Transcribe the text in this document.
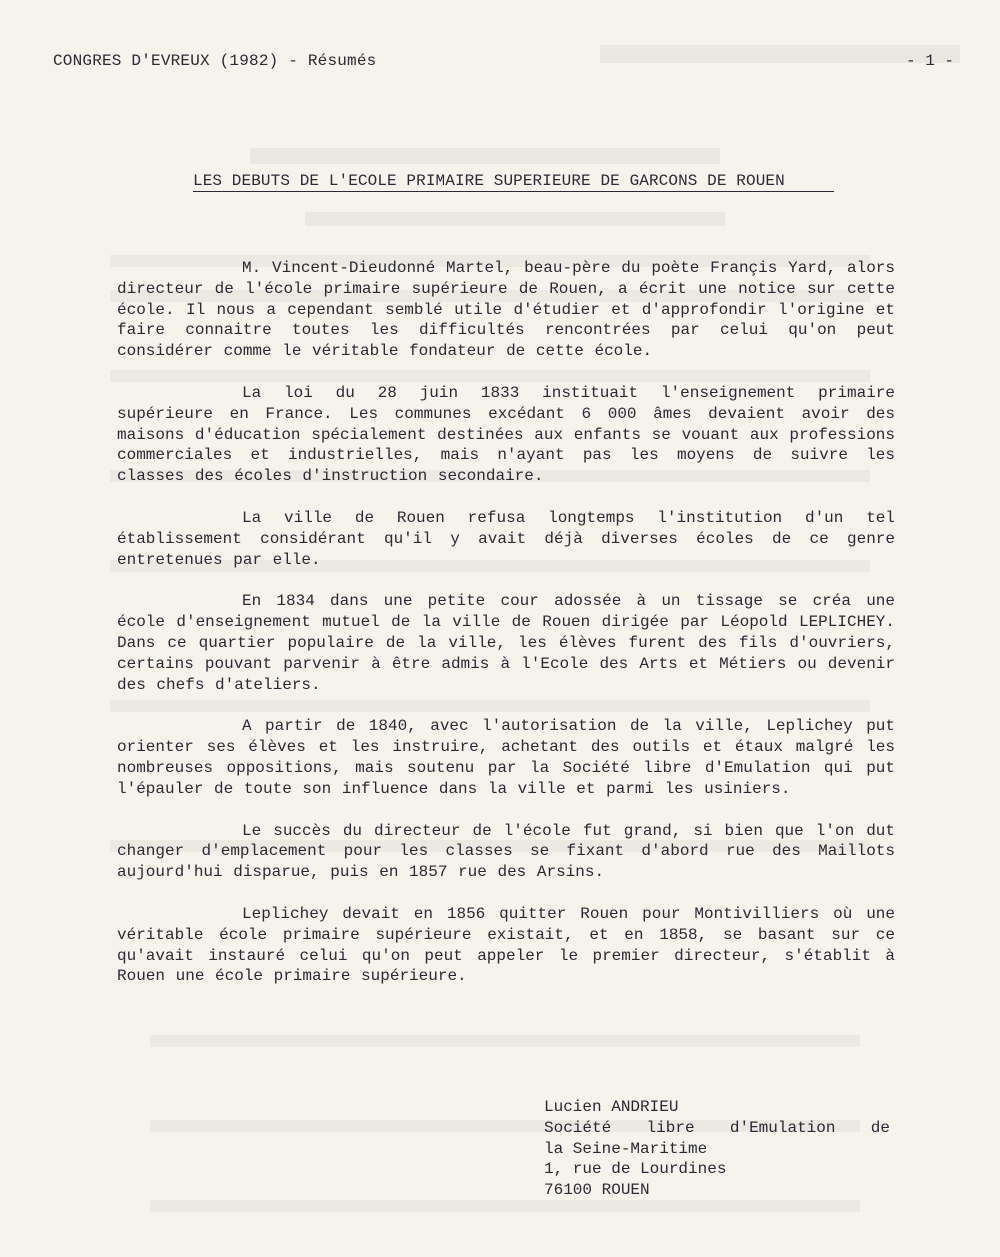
CONGRES D'EVREUX (1982) - Résumés	- 1 -
LES DEBUTS DE L'ECOLE PRIMAIRE SUPERIEURE DE GARCONS DE ROUEN

M. Vincent-Dieudonné Martel, beau-père du poète Françis Yard, alors directeur de l'école primaire supérieure de Rouen, a écrit une notice sur cette école. Il nous a cependant semblé utile d'étudier et d'approfondir l'origine et faire connaitre toutes les difficultés rencontrées par celui qu'on peut considérer comme le véritable fondateur de cette école.

La loi du 28 juin 1833 instituait l'enseignement primaire supérieure en France. Les communes excédant 6 000 âmes devaient avoir des maisons d'éducation spécialement destinées aux enfants se vouant aux professions commerciales et industrielles, mais n'ayant pas les moyens de suivre les classes des écoles d'instruction secondaire.

La ville de Rouen refusa longtemps l'institution d'un tel établissement considérant qu'il y avait déjà diverses écoles de ce genre entretenues par elle.

En 1834 dans une petite cour adossée à un tissage se créa une école d'enseignement mutuel de la ville de Rouen dirigée par Léopold LEPLICHEY. Dans ce quartier populaire de la ville, les élèves furent des fils d'ouvriers, certains pouvant parvenir à être admis à l'Ecole des Arts et Métiers ou devenir des chefs d'ateliers.

A partir de 1840, avec l'autorisation de la ville, Leplichey put orienter ses élèves et les instruire, achetant des outils et étaux malgré les nombreuses oppositions, mais soutenu par la Société libre d'Emulation qui put l'épauler de toute son influence dans la ville et parmi les usiniers.

Le succès du directeur de l'école fut grand, si bien que l'on dut changer d'emplacement pour les classes se fixant d'abord rue des Maillots aujourd'hui disparue, puis en 1857 rue des Arsins.

Leplichey devait en 1856 quitter Rouen pour Montivilliers où une véritable école primaire supérieure existait, et en 1858, se basant sur ce qu'avait instauré celui qu'on peut appeler le premier directeur, s'établit à Rouen une école primaire supérieure.

Lucien ANDRIEU
Société libre d'Emulation de
la Seine-Maritime
1, rue de Lourdines
76100 ROUEN
